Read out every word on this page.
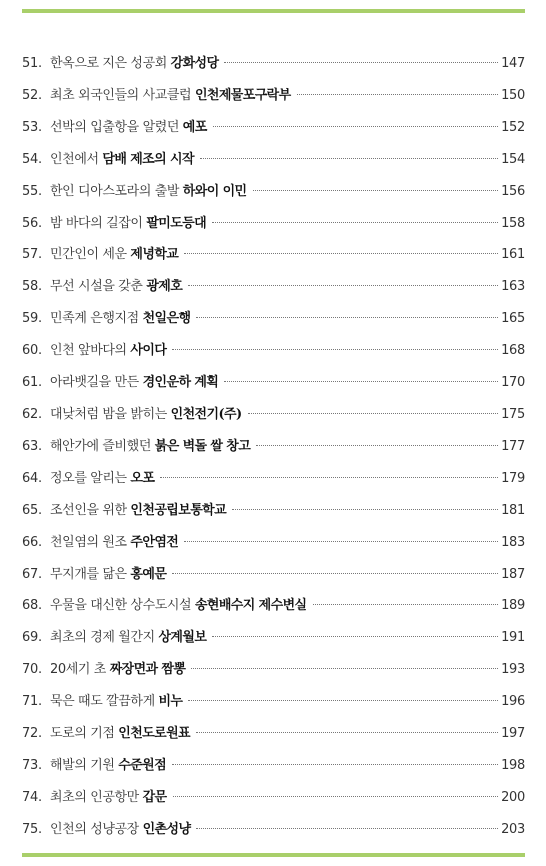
51. 한옥으로 지은 성공회 강화성당	147
52. 최초 외국인들의 사교클럽 인천제물포구락부	150
53. 선박의 입출항을 알렸던 예포	152
54. 인천에서 담배 제조의 시작	154
55. 한인 디아스포라의 출발 하와이 이민	156
56. 밤 바다의 길잡이 팔미도등대	158
57. 민간인이 세운 제녕학교	161
58. 무선 시설을 갖춘 광제호	163
59. 민족계 은행지점 천일은행	165
60. 인천 앞바다의 사이다	168
61. 아라뱃길을 만든 경인운하 계획	170
62. 대낮처럼 밤을 밝히는 인천전기(주)	175
63. 해안가에 즐비했던 붉은 벽돌 쌀 창고	177
64. 정오를 알리는 오포	179
65. 조선인을 위한 인천공립보통학교	181
66. 천일염의 원조 주안염전	183
67. 무지개를 닮은 홍예문	187
68. 우물을 대신한 상수도시설 송현배수지 제수변실	189
69. 최초의 경제 월간지 상계월보	191
70. 20세기 초 짜장면과 짬뽕	193
71. 묵은 때도 깔끔하게 비누	196
72. 도로의 기점 인천도로원표	197
73. 해발의 기원 수준원점	198
74. 최초의 인공항만 갑문	200
75. 인천의 성냥공장 인촌성냥	203
